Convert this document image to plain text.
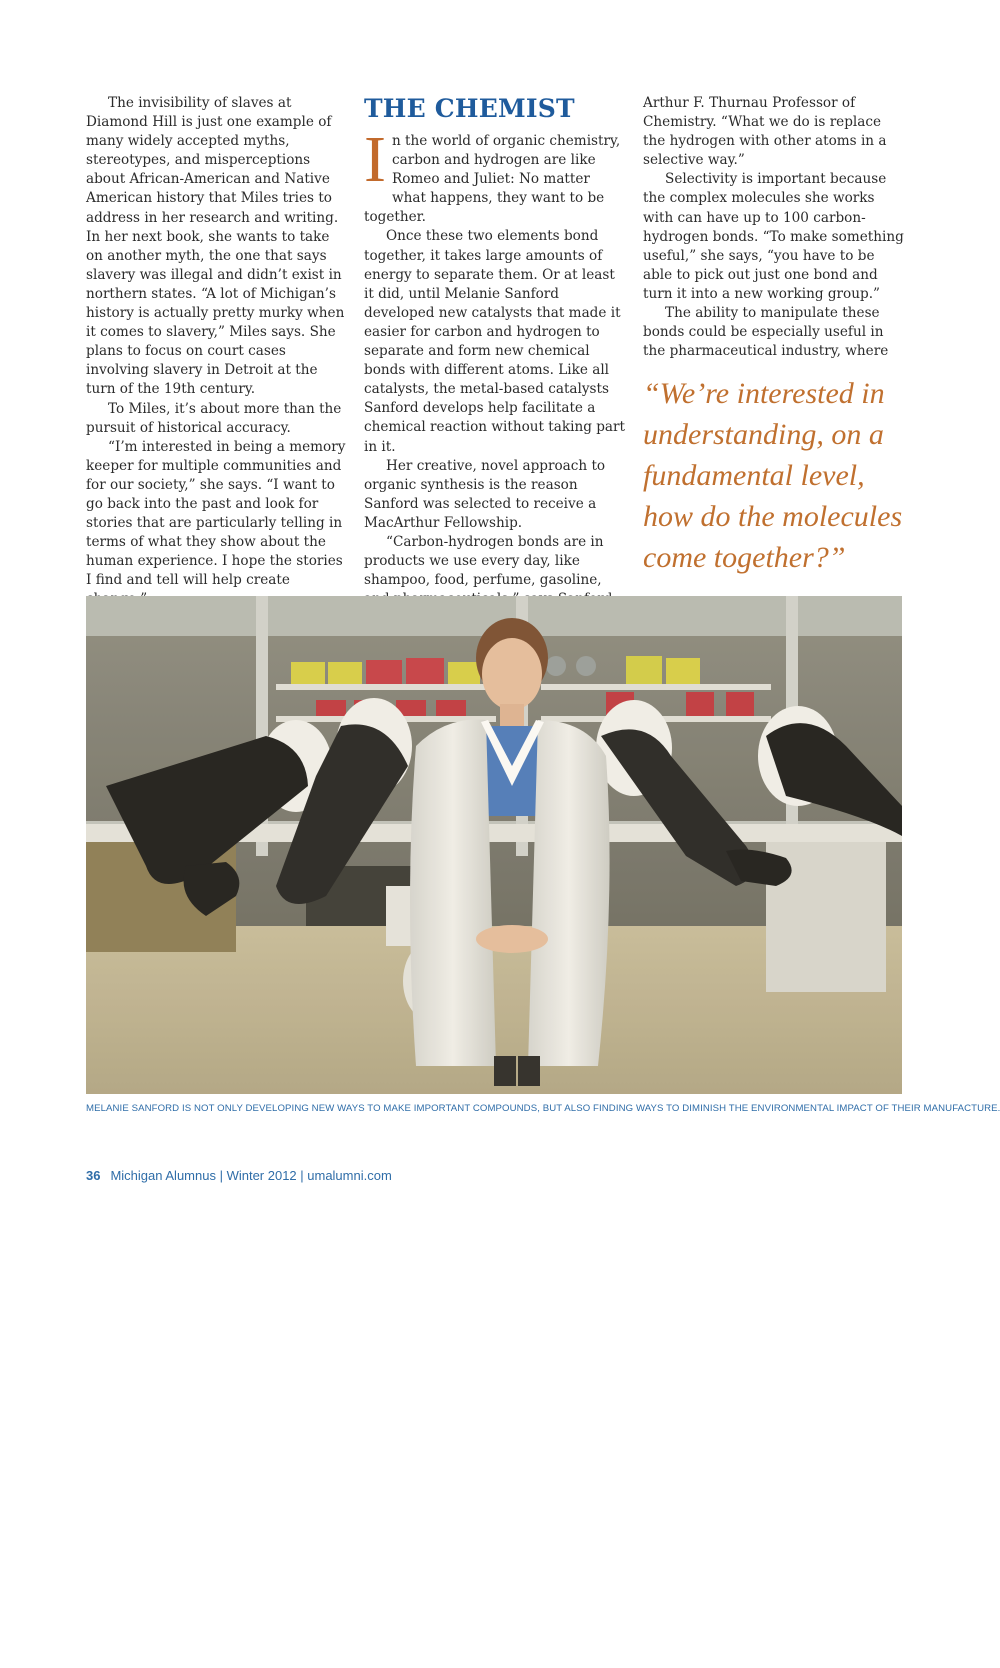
The invisibility of slaves at Diamond Hill is just one example of many widely accepted myths, stereotypes, and misperceptions about African-American and Native American history that Miles tries to address in her research and writing. In her next book, she wants to take on another myth, the one that says slavery was illegal and didn’t exist in northern states. “A lot of Michigan’s history is actually pretty murky when it comes to slavery,” Miles says. She plans to focus on court cases involving slavery in Detroit at the turn of the 19th century.

To Miles, it’s about more than the pursuit of historical accuracy.

“I’m interested in being a memory keeper for multiple communities and for our society,” she says. “I want to go back into the past and look for stories that are particularly telling in terms of what they show about the human experience. I hope the stories I find and tell will help create

THE CHEMIST

In the world of organic chemistry, carbon and hydrogen are like Romeo and Juliet: No matter what happens, they want to be together.

Once these two elements bond together, it takes large amounts of energy to separate them. Or at least it did, until Melanie Sanford developed new catalysts that made it easier for carbon and hydrogen to separate and form new chemical bonds with different atoms. Like all catalysts, the metal-based catalysts Sanford develops help facilitate a chemical reaction without taking part in it.

Her creative, novel approach to organic synthesis is the reason Sanford was selected to receive a MacArthur Fellowship.

“Carbon-hydrogen bonds are in products we use every day, like shampoo, food, perfume, gasoline,

Arthur F. Thurnau Professor of Chemistry. “What we do is replace the hydrogen with other atoms in a selective way.”

Selectivity is important because the complex molecules she works with can have up to 100 carbon-hydrogen bonds. “To make something useful,” she says, “you have to be able to pick out just one bond and turn it into a new working group.”

The ability to manipulate these bonds could be especially useful in the pharmaceutical industry, where

“We’re interested in understanding, on a fundamental level, how do the molecules come together?”
LON HORWEDEL
MELANIE SANFORD IS NOT ONLY DEVELOPING NEW WAYS TO MAKE IMPORTANT COMPOUNDS, BUT ALSO FINDING WAYS TO DIMINISH THE ENVIRONMENTAL IMPACT OF THEIR MANUFACTURE.
36 Michigan Alumnus | Winter 2012 | umalumni.com
